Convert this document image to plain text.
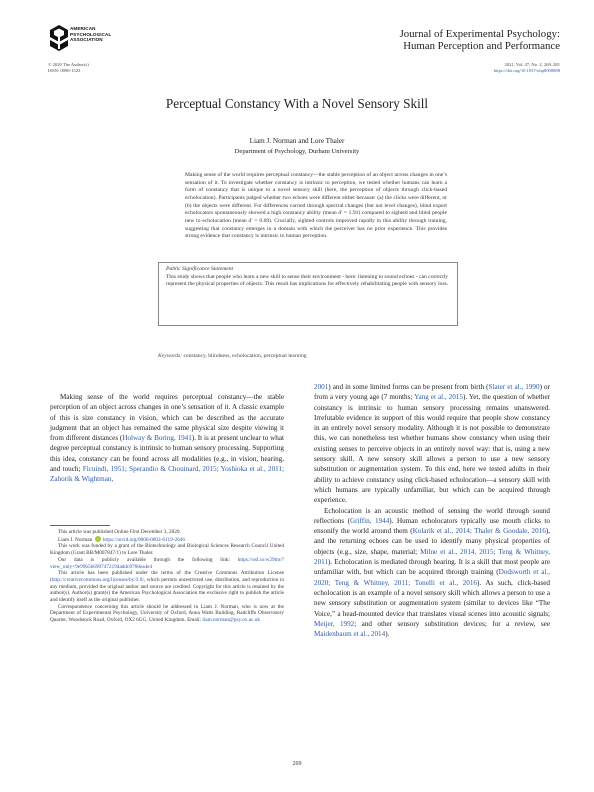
AMERICAN
PSYCHOLOGICAL
ASSOCIATION	Journal of Experimental Psychology:
Human Perception and Performance
© 2020 The Author(s)
ISSN: 0096-1523
2021, Vol. 47, No. 2, 269–281
https://doi.org/10.1037/xhp0000888
Perceptual Constancy With a Novel Sensory Skill
Liam J. Norman and Lore Thaler
Department of Psychology, Durham University
Making sense of the world requires perceptual constancy—the stable perception of an object across changes in one’s sensation of it. To investigate whether constancy is intrinsic to perception, we tested whether humans can learn a form of constancy that is unique to a novel sensory skill (here, the perception of objects through click-based echolocation). Participants judged whether two echoes were different either because: (a) the clicks were different, or (b) the objects were different. For differences carried through spectral changes (but not level changes), blind expert echolocators spontaneously showed a high constancy ability (mean d′ = 1.91) compared to sighted and blind people new to echolocation (mean d′ = 0.69). Crucially, sighted controls improved rapidly in this ability through training, suggesting that constancy emerges in a domain with which the perceiver has no prior experience. This provides strong evidence that constancy is intrinsic to human perception.
Public Significance Statement
This study shows that people who learn a new skill to sense their environment - here: listening to sound echoes - can correctly represent the physical properties of objects. This result has implications for effectively rehabilitating people with sensory loss.
Keywords: constancy, blindness, echolocation, perceptual learning

Making sense of the world requires perceptual constancy—the stable perception of an object across changes in one’s sensation of it. A classic example of this is size constancy in vision, which can be described as the accurate judgment that an object has remained the same physical size despite viewing it from different distances (Holway & Boring, 1941). It is at present unclear to what degree perceptual constancy is intrinsic to human sensory processing. Supporting this idea, constancy can be found across all modalities (e.g., in vision, hearing, and touch; Ficuindi, 1951; Sperandio & Chouinard, 2015; Yoshioka et al., 2011; Zahorik & Wightman,

This article was published Online First December 3, 2020.

Liam J. Norman https://orcid.org/0000-0002-6119-2646

This work was funded by a grant of the Biotechnology and Biological Sciences Research Council United Kingdom (Grant BB/M007847/1) to Lore Thaler.

Our data is publicly available through the following link: https://osf.io/w29tm/?view_only=9e99b5b6907472194addc8768ea4e4

This article has been published under the terms of the Creative Commons Attribution License (http://creativecommons.org/licenses/by/3.0/, which permits unrestricted use, distribution, and reproduction in any medium, provided the original author and source are credited. Copyright for this article is retained by the author(s). Author(s) grant(s) the American Psychological Association the exclusive right to publish the article and identify itself as the original publisher.

Correspondence concerning this article should be addressed to Liam J. Norman, who is now at the Department of Experimental Psychology, University of Oxford, Anna Watts Building, Radcliffe Observatory Quarter, Woodstock Road, Oxford, OX2 6GG, United Kingdom. Email: liam.norman@psy.ox.ac.uk

2001) and in some limited forms can be present from birth (Slater et al., 1990) or from a very young age (7 months; Yang et al., 2015). Yet, the question of whether constancy is intrinsic to human sensory processing remains unanswered. Irrefutable evidence in support of this would require that people show constancy in an entirely novel sensory modality. Although it is not possible to demonstrate this, we can nonetheless test whether humans show constancy when using their existing senses to perceive objects in an entirely novel way: that is, using a new sensory skill. A new sensory skill allows a person to use a new sensory substitution or augmentation system. To this end, here we tested adults in their ability to achieve constancy using click-based echolocation—a sensory skill with which humans are typically unfamiliar, but which can be acquired through experience.

Echolocation is an acoustic method of sensing the world through sound reflections (Griffin, 1944). Human echolocators typically use mouth clicks to ensonify the world around them (Kolarik et al., 2014; Thaler & Goodale, 2016), and the returning echoes can be used to identify many physical properties of objects (e.g., size, shape, material; Milne et al., 2014, 2015; Teng & Whitney, 2011). Echolocation is mediated through hearing. It is a skill that most people are unfamiliar with, but which can be acquired through training (Dodsworth et al., 2020; Teng & Whitney, 2011; Tonelli et al., 2016). As such, click-based echolocation is an example of a novel sensory skill which allows a person to use a new sensory substitution or augmentation system (similar to devices like “The Voice,” a head-mounted device that translates visual scenes into acoustic signals; Meijer, 1992; and other sensory substitution devices; for a review, see Maidenbaum et al., 2014).

269
